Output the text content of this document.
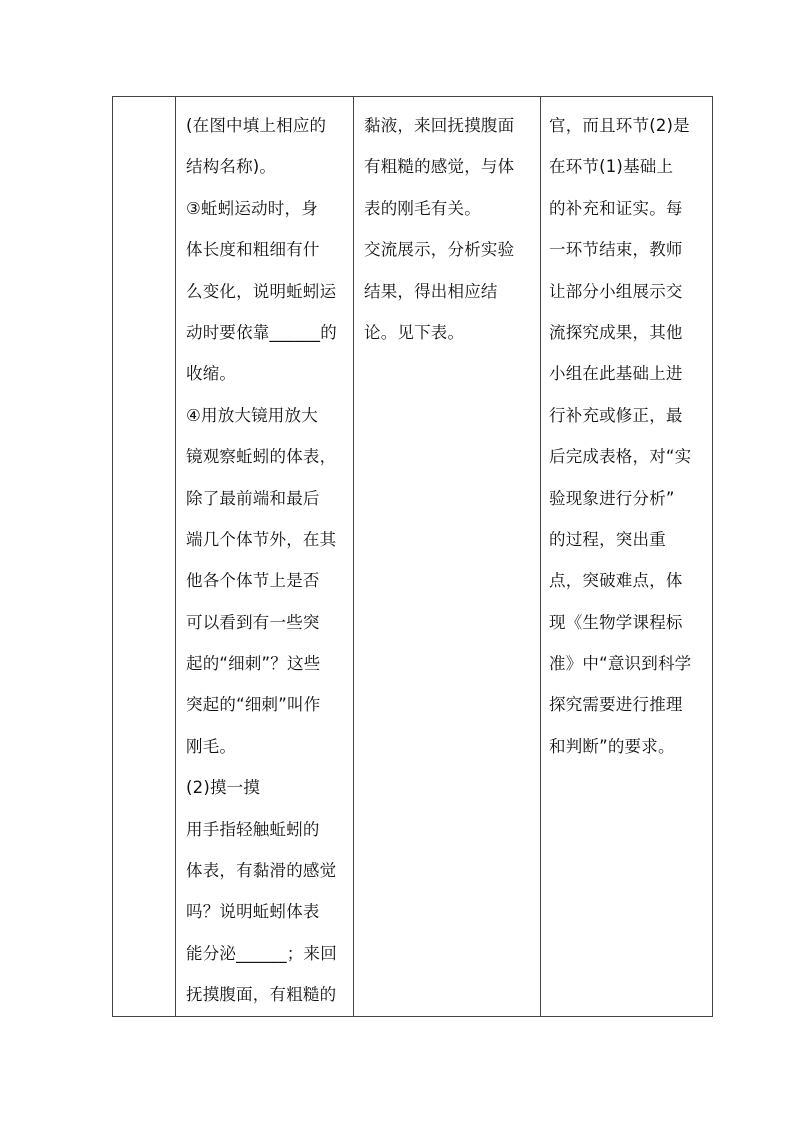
(在图中填上相应的
结构名称)。
③蚯蚓运动时，身
体长度和粗细有什
么变化，说明蚯蚓运
动时要依靠______的
收缩。
④用放大镜用放大
镜观察蚯蚓的体表，
除了最前端和最后
端几个体节外，在其
他各个体节上是否
可以看到有一些突
起的“细刺”？这些
突起的“细刺”叫作
刚毛。
(2)摸一摸
用手指轻触蚯蚓的
体表，有黏滑的感觉
吗？说明蚯蚓体表
能分泌______；来回
抚摸腹面，有粗糙的

黏液，来回抚摸腹面
有粗糙的感觉，与体
表的刚毛有关。
交流展示，分析实验
结果，得出相应结
论。见下表。

官，而且环节(2)是
在环节(1)基础上
的补充和证实。每
一环节结束，教师
让部分小组展示交
流探究成果，其他
小组在此基础上进
行补充或修正，最
后完成表格，对“实
验现象进行分析”
的过程，突出重
点，突破难点，体
现《生物学课程标
准》中“意识到科学
探究需要进行推理
和判断”的要求。
